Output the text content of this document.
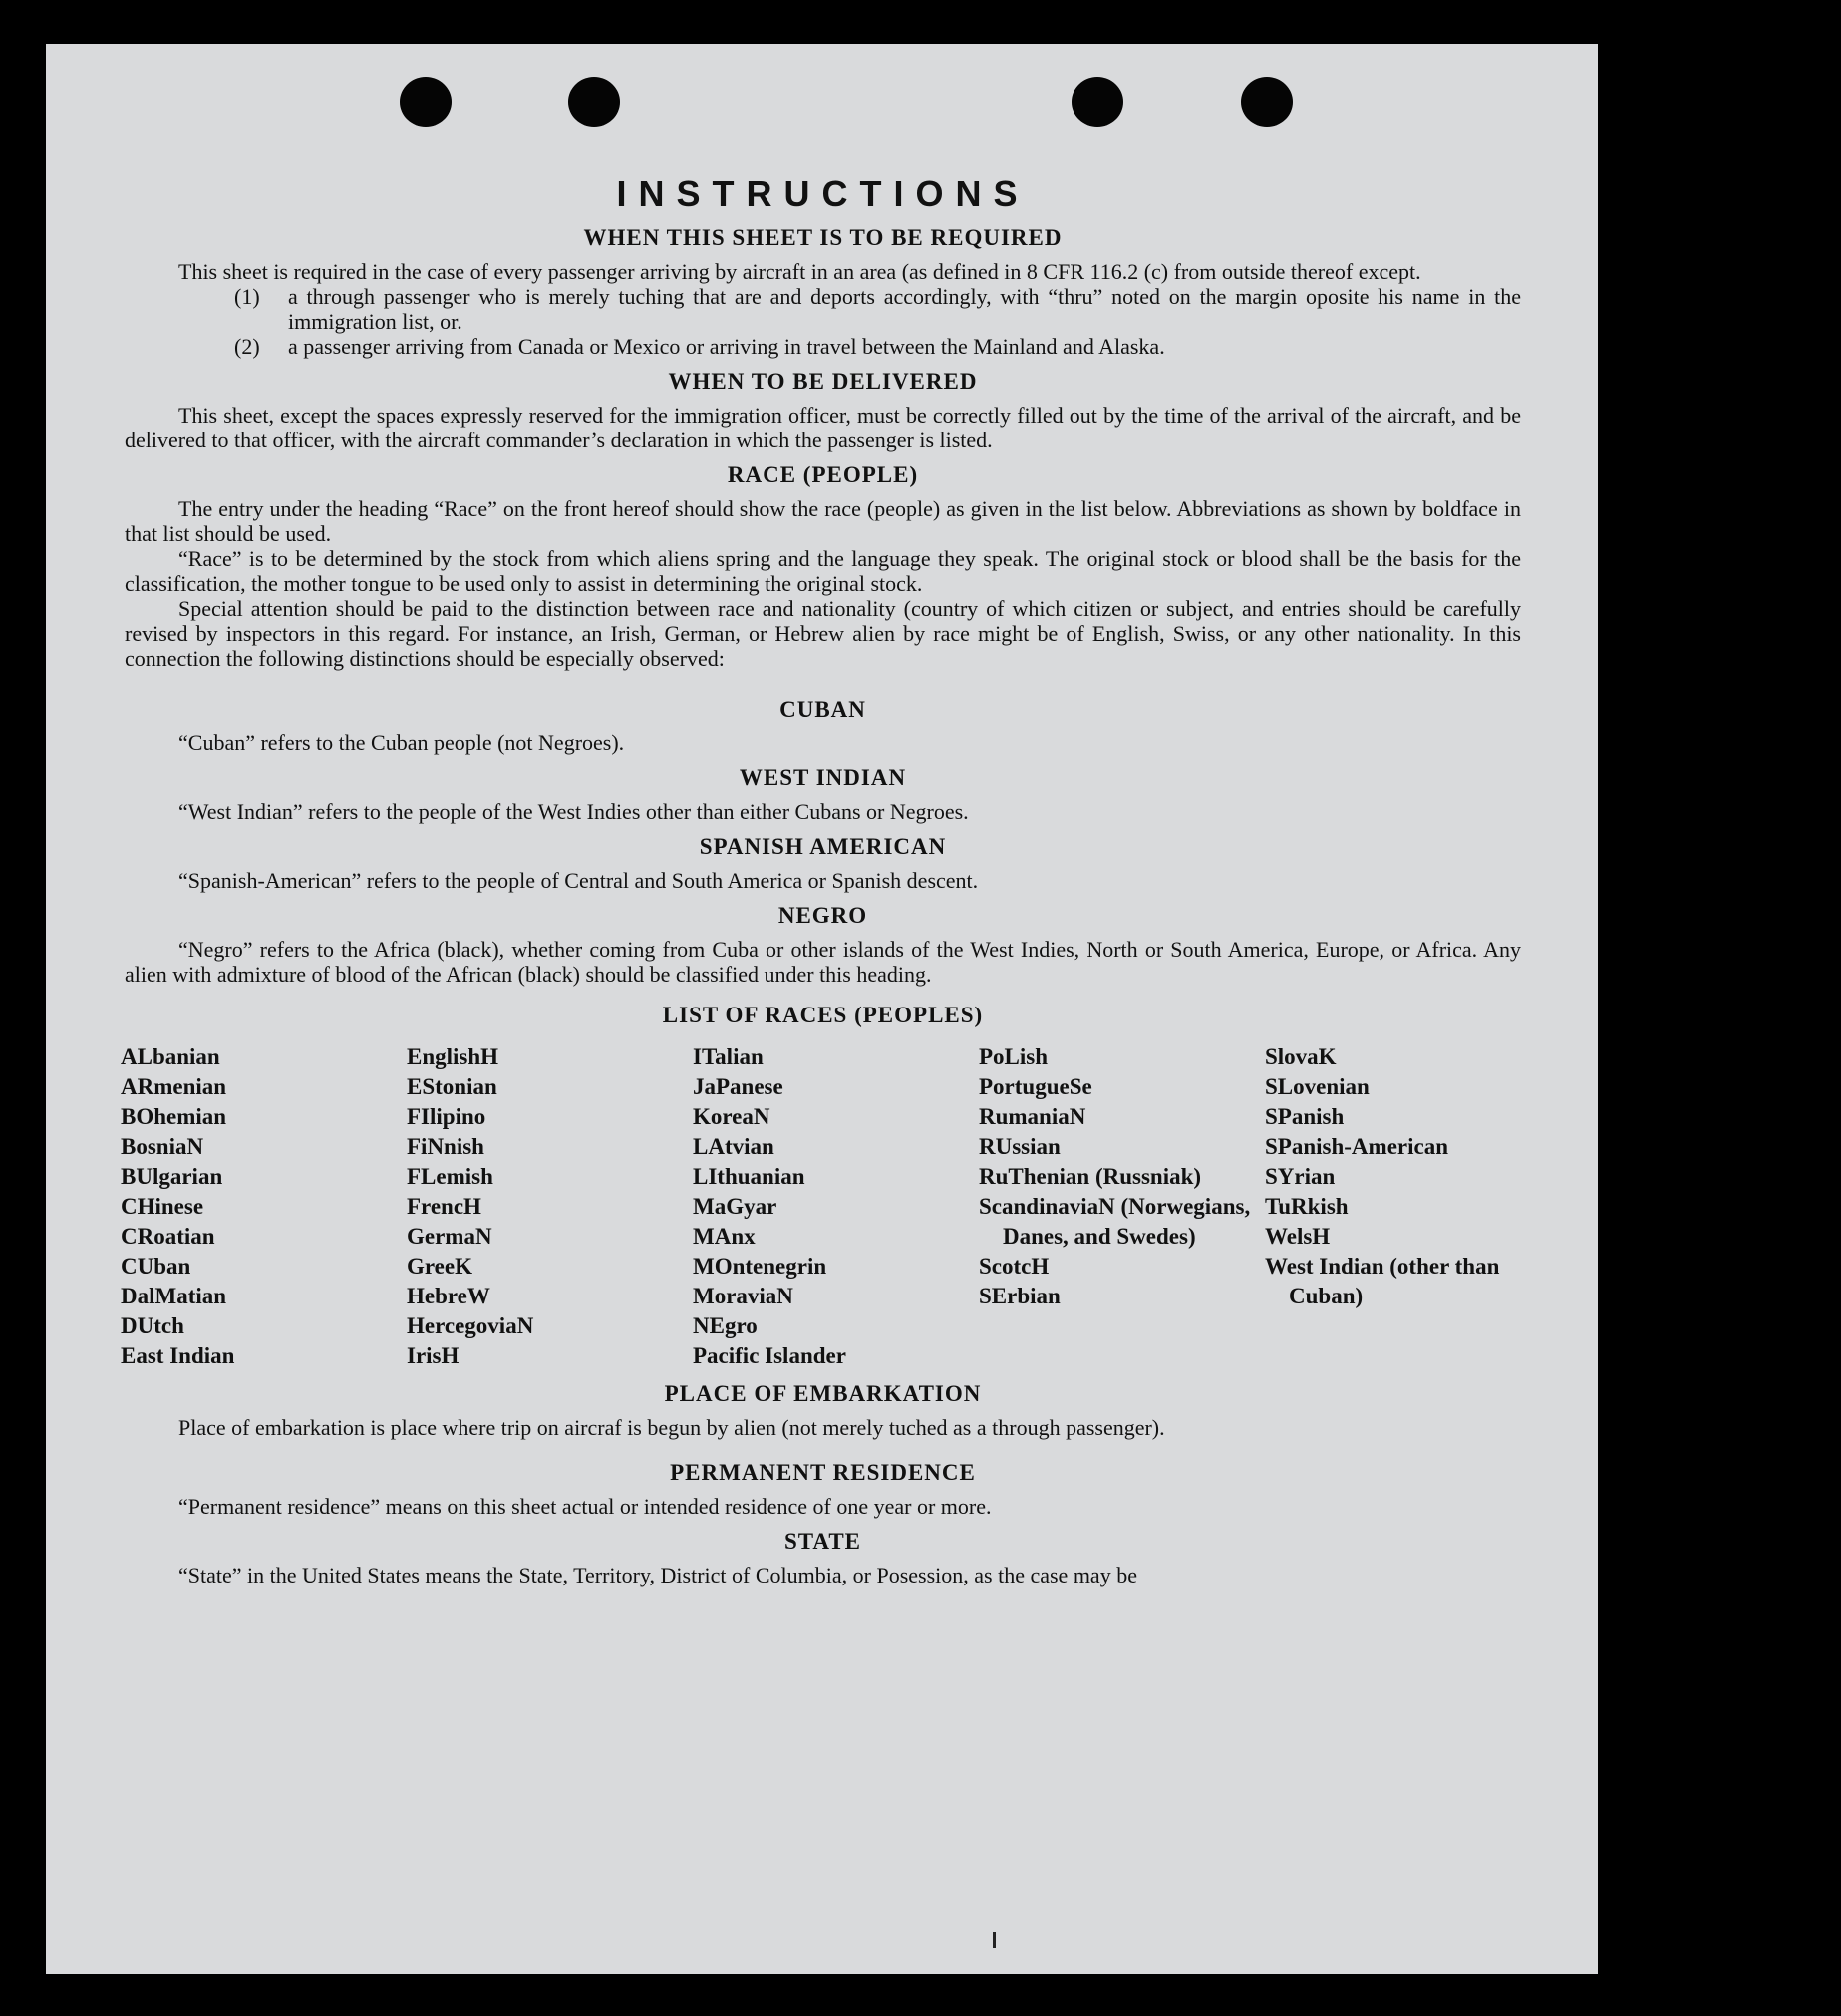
INSTRUCTIONS
WHEN THIS SHEET IS TO BE REQUIRED

This sheet is required in the case of every passenger arriving by aircraft in an area (as defined in 8 CFR 116.2 (c) from outside thereof except.

(1)	a through passenger who is merely tuching that are and deports accordingly, with “thru” noted on the margin oposite his name in the immigration list, or.
(2)	a passenger arriving from Canada or Mexico or arriving in travel between the Mainland and Alaska.
WHEN TO BE DELIVERED

This sheet, except the spaces expressly reserved for the immigration officer, must be correctly filled out by the time of the arrival of the aircraft, and be delivered to that officer, with the aircraft commander’s declaration in which the passenger is listed.

RACE (PEOPLE)

The entry under the heading “Race” on the front hereof should show the race (people) as given in the list below. Abbreviations as shown by boldface in that list should be used.

“Race” is to be determined by the stock from which aliens spring and the language they speak. The original stock or blood shall be the basis for the classification, the mother tongue to be used only to assist in determining the original stock.

Special attention should be paid to the distinction between race and nationality (country of which citizen or subject, and entries should be carefully revised by inspectors in this regard. For instance, an Irish, German, or Hebrew alien by race might be of English, Swiss, or any other nationality. In this connection the following distinctions should be especially observed:

CUBAN

“Cuban” refers to the Cuban people (not Negroes).

WEST INDIAN

“West Indian” refers to the people of the West Indies other than either Cubans or Negroes.

SPANISH AMERICAN

“Spanish-American” refers to the people of Central and South America or Spanish descent.

NEGRO

“Negro” refers to the Africa (black), whether coming from Cuba or other islands of the West Indies, North or South America, Europe, or Africa. Any alien with admixture of blood of the African (black) should be classified under this heading.

LIST OF RACES (PEOPLES)
ALbanian
ARmenian
BOhemian
BosniaN
BUlgarian
CHinese
CRoatian
CUban
DalMatian
DUtch
East Indian
EnglishH
EStonian
FIlipino
FiNnish
FLemish
FrencH
GermaN
GreeK
HebreW
HercegoviaN
IrisH
ITalian
JaPanese
KoreaN
LAtvian
LIthuanian
MaGyar
MAnx
MOntenegrin
MoraviaN
NEgro
Pacific Islander
PoLish
PortugueSe
RumaniaN
RUssian
RuThenian (Russniak)
ScandinaviaN (Norwegians, Danes, and Swedes)
ScotcH
SErbian
SlovaK
SLovenian
SPanish
SPanish-American
SYrian
TuRkish
WelsH
West Indian (other than Cuban)
PLACE OF EMBARKATION

Place of embarkation is place where trip on aircraf is begun by alien (not merely tuched as a through passenger).

PERMANENT RESIDENCE

“Permanent residence” means on this sheet actual or intended residence of one year or more.

STATE

“State” in the United States means the State, Territory, District of Columbia, or Posession, as the case may be
